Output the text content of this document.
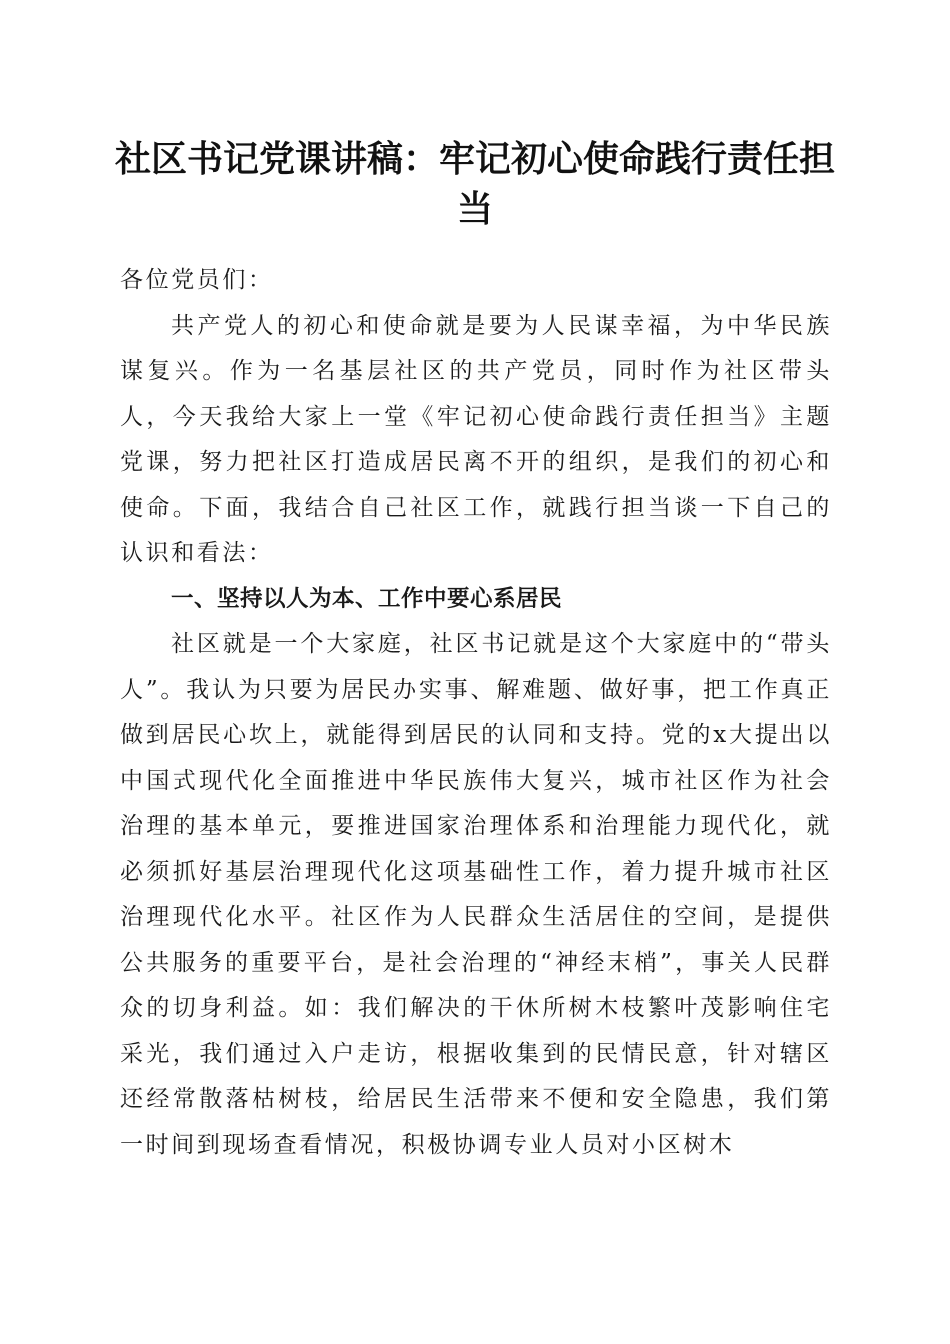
社区书记党课讲稿：牢记初心使命践行责任担当

各位党员们：

共产党人的初心和使命就是要为人民谋幸福，为中华民族谋复兴。作为一名基层社区的共产党员，同时作为社区带头人，今天我给大家上一堂《牢记初心使命践行责任担当》主题党课，努力把社区打造成居民离不开的组织，是我们的初心和使命。下面，我结合自己社区工作，就践行担当谈一下自己的认识和看法：

一、坚持以人为本、工作中要心系居民

社区就是一个大家庭，社区书记就是这个大家庭中的“带头人”。我认为只要为居民办实事、解难题、做好事，把工作真正做到居民心坎上，就能得到居民的认同和支持。党的x大提出以中国式现代化全面推进中华民族伟大复兴，城市社区作为社会治理的基本单元，要推进国家治理体系和治理能力现代化，就必须抓好基层治理现代化这项基础性工作，着力提升城市社区治理现代化水平。社区作为人民群众生活居住的空间，是提供公共服务的重要平台，是社会治理的“神经末梢”，事关人民群众的切身利益。如：我们解决的干休所树木枝繁叶茂影响住宅采光，我们通过入户走访，根据收集到的民情民意，针对辖区还经常散落枯树枝，给居民生活带来不便和安全隐患，我们第一时间到现场查看情况，积极协调专业人员对小区树木
